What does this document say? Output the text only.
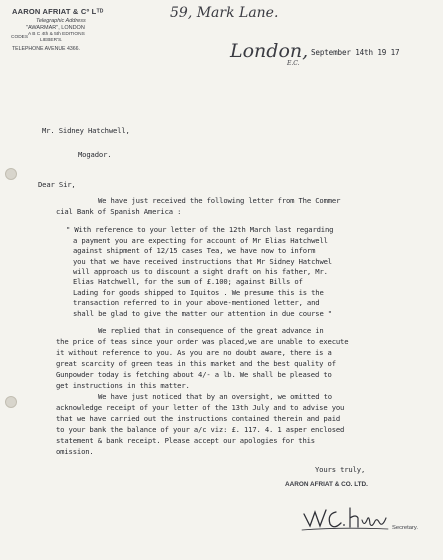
AARON AFRIAT & Cº Lᵀᴰ
Telegraphic Address
"AWARMAR", LONDON
CODES
A B C 4th & 5th EDITIONS
LIEBER'S.
TELEPHONE AVENUE 4366.
59, Mark Lane.
London,
E.C.
September 14th 19 17
Mr. Sidney Hatchwell,
Mogador.
Dear Sir,
We have just received the following letter from The Commer
cial Bank of Spanish America :
" With reference to your letter of the 12th March last regarding
a payment you are expecting for account of Mr Elias Hatchwell
against shipment of 12/15 cases Tea, we have now to inform
you that we have received instructions that Mr Sidney Hatchwel
will approach us to discount a sight draft on his father, Mr.
Elias Hatchwell, for the sum of £.100; against Bills of
Lading for goods shipped to Iquitos . We presume this is the
transaction referred to in your above-mentioned letter, and
shall be glad to give the matter our attention in due course "
We replied that in consequence of the great advance in
the price of teas since your order was placed,we are unable to execute
it without reference to you. As you are no doubt aware, there is a
great scarcity of green teas in this market and the best quality of
Gunpowder today is fetching about 4/- a lb. We shall be pleased to
get instructions in this matter.
We have just noticed that by an oversight, we omitted to
acknowledge receipt of your letter of the 13th July and to advise you
that we have carried out the instructions contained therein and paid
to your bank the balance of your a/c viz: £. 117. 4. 1 asper enclosed
statement & bank receipt. Please accept our apologies for this
omission.
Yours truly,
AARON AFRIAT & CO. LTD.
Secretary.
